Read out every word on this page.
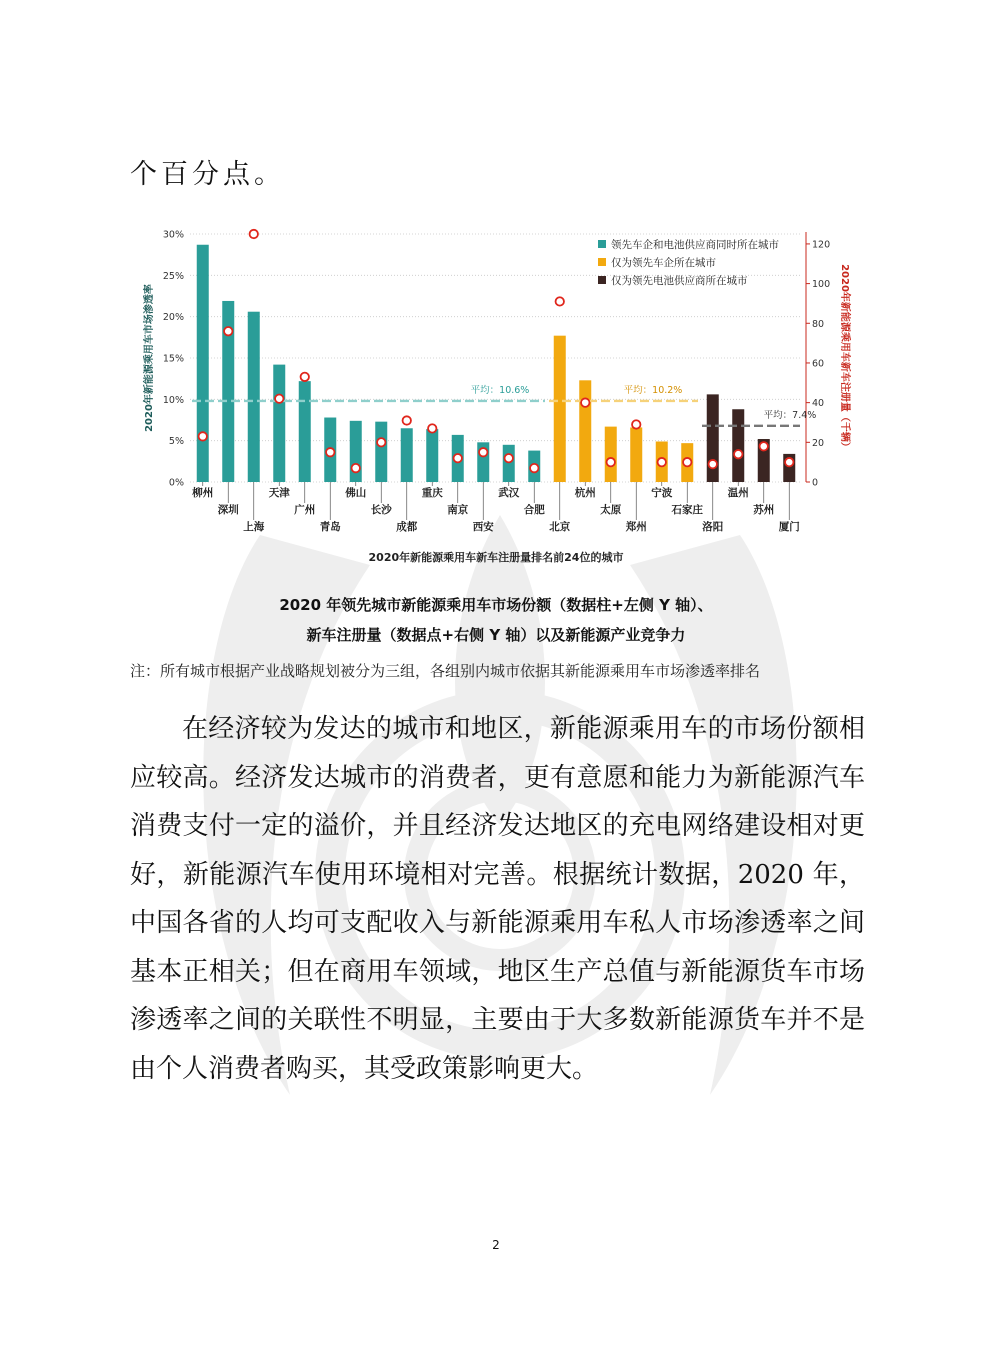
个百分点。
0%
5%
10%
15%
20%
25%
30%
0
20
40
60
80
100
120
2020年新能源乘用车市场渗透率	2020年新能源乘用车新车注册量（千辆）
柳州
深圳
上海
天津
广州
青岛
佛山
长沙
成都
重庆
南京
西安
武汉
合肥
北京
杭州
太原
郑州
宁波
石家庄
洛阳
温州
苏州
厦门
2020年新能源乘用车新车注册量排名前24位的城市
平均：10.6%	平均：10.2%
平均：7.4%
领先车企和电池供应商同时所在城市
仅为领先车企所在城市
仅为领先电池供应商所在城市
2020 年领先城市新能源乘用车市场份额（数据柱+左侧 Y 轴）、
新车注册量（数据点+右侧 Y 轴）以及新能源产业竞争力
注：所有城市根据产业战略规划被分为三组，各组别内城市依据其新能源乘用车市场渗透率排名

在经济较为发达的城市和地区，新能源乘用车的市场份额相应较高。经济发达城市的消费者，更有意愿和能力为新能源汽车消费支付一定的溢价，并且经济发达地区的充电网络建设相对更好，新能源汽车使用环境相对完善。根据统计数据，2020 年，中国各省的人均可支配收入与新能源乘用车私人市场渗透率之间基本正相关；但在商用车领域，地区生产总值与新能源货车市场渗透率之间的关联性不明显，主要由于大多数新能源货车并不是由个人消费者购买，其受政策影响更大。

2
